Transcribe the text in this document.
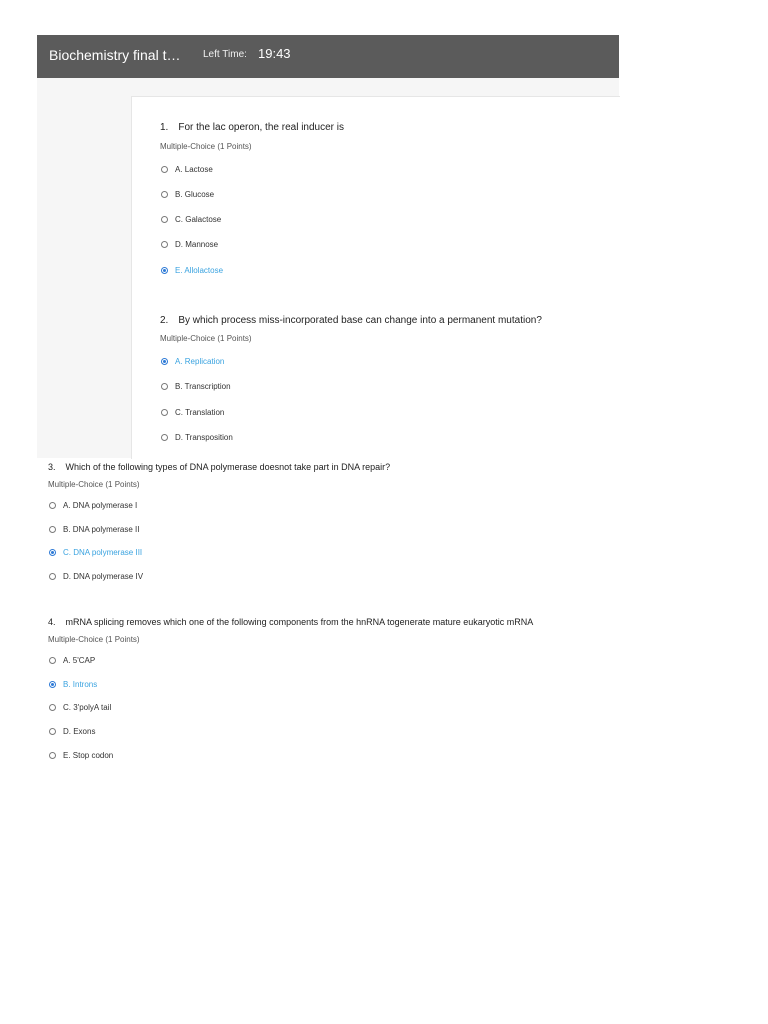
Biochemistry final t… Left Time: 19:43
1. For the lac operon, the real inducer is
Multiple-Choice (1 Points)
A. Lactose
B. Glucose
C. Galactose
D. Mannose
E. Allolactose
2. By which process miss-incorporated base can change into a permanent mutation?
Multiple-Choice (1 Points)
A. Replication
B. Transcription
C. Translation
D. Transposition
3. Which of the following types of DNA polymerase doesnot take part in DNA repair?
Multiple-Choice (1 Points)
A. DNA polymerase I
B. DNA polymerase II
C. DNA polymerase III
D. DNA polymerase IV
4. mRNA splicing removes which one of the following components from the hnRNA togenerate mature eukaryotic mRNA
Multiple-Choice (1 Points)
A. 5'CAP
B. Introns
C. 3'polyA tail
D. Exons
E. Stop codon
